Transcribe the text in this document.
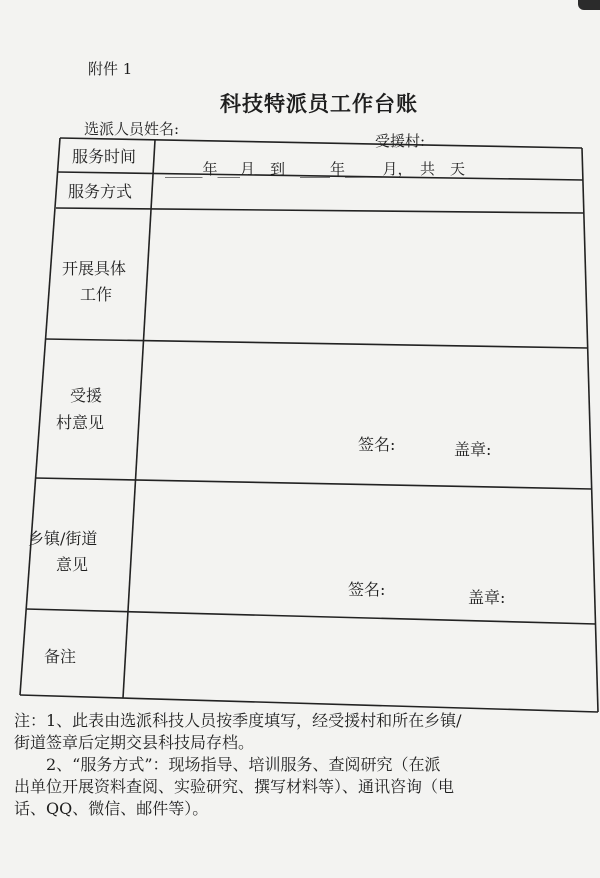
附件 1
科技特派员工作台账
选派人员姓名:
受援村:
服务时间
_____年___月　到　____年_____月，　共　天
服务方式
开展具体
工作
受援
村意见
签名:	盖章:
乡镇/街道
意见
签名:	盖章:
备注
注：1、此表由选派科技人员按季度填写，经受援村和所在乡镇/
街道签章后定期交县科技局存档。
　　2、“服务方式”：现场指导、培训服务、查阅研究（在派
出单位开展资料查阅、实验研究、撰写材料等）、通讯咨询（电
话、QQ、微信、邮件等）。
